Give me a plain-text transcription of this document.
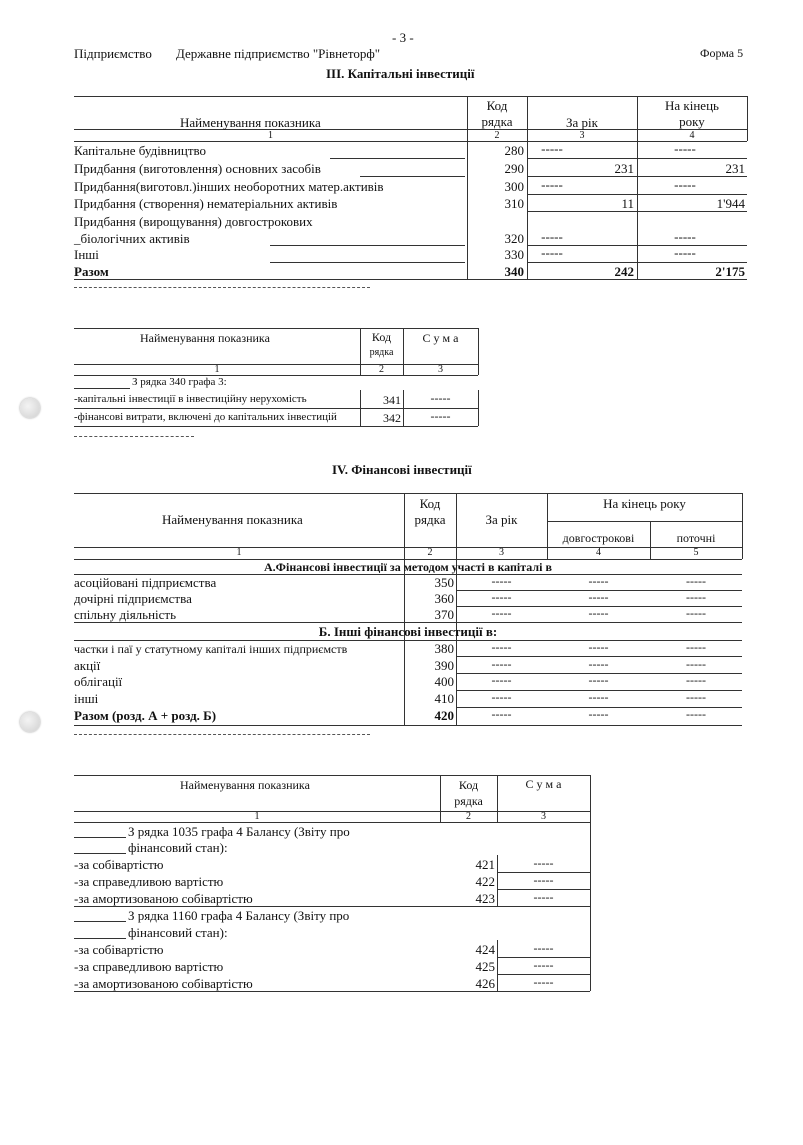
- 3 -
Підприємство Державне підприємство "Рівнеторф"	Форма 5
III. Капітальні інвестиції
Найменування показника
Код
рядка	За рік
На кінець
року
1	2	3	4
Капітальне будівництво	280	-----	-----
Придбання (виготовлення) основних засобів	290	231	231
Придбання(виготовл.)інших необоротних матер.активів	300	-----	-----
Придбання (створення) нематеріальних активів	310	11	1'944
Придбання (вирощування) довгострокових
_біологічних активів	320	-----	-----
Інші	330	-----	-----
Разом	340	242	2'175
Найменування показника	Код
рядка
С у м а
1	2	3
З рядка 340 графа 3:
-капітальні інвестиції в інвестиційну нерухомість	341	-----
-фінансові витрати, включені до капітальних інвестицій	342	-----
IV. Фінансові інвестиції
Найменування показника
Код
рядка	За рік
На кінець року
довгострокові	поточні
1	2	3	4	5
А.Фінансові інвестиції за методом участі в капіталі в
асоційовані підприємства	350	-----	-----	-----
дочірні підприємства	360	-----	-----	-----
спільну діяльність	370	-----	-----	-----
Б. Інші фінансові інвестиції в:
частки і паї у статутному капіталі інших підприємств	380	-----	-----	-----
акції	390	-----	-----	-----
облігації	400	-----	-----	-----
інші	410	-----	-----	-----
Разом (розд. А + розд. Б)	420	-----	-----	-----
Найменування показника	Код
рядка
С у м а
1	2	3
З рядка 1035 графа 4 Балансу (Звіту про
фінансовий стан):
-за собівартістю	421	-----
-за справедливою вартістю	422	-----
-за амортизованою собівартістю	423	-----
З рядка 1160 графа 4 Балансу (Звіту про
фінансовий стан):
-за собівартістю	424	-----
-за справедливою вартістю	425	-----
-за амортизованою собівартістю	426	-----
